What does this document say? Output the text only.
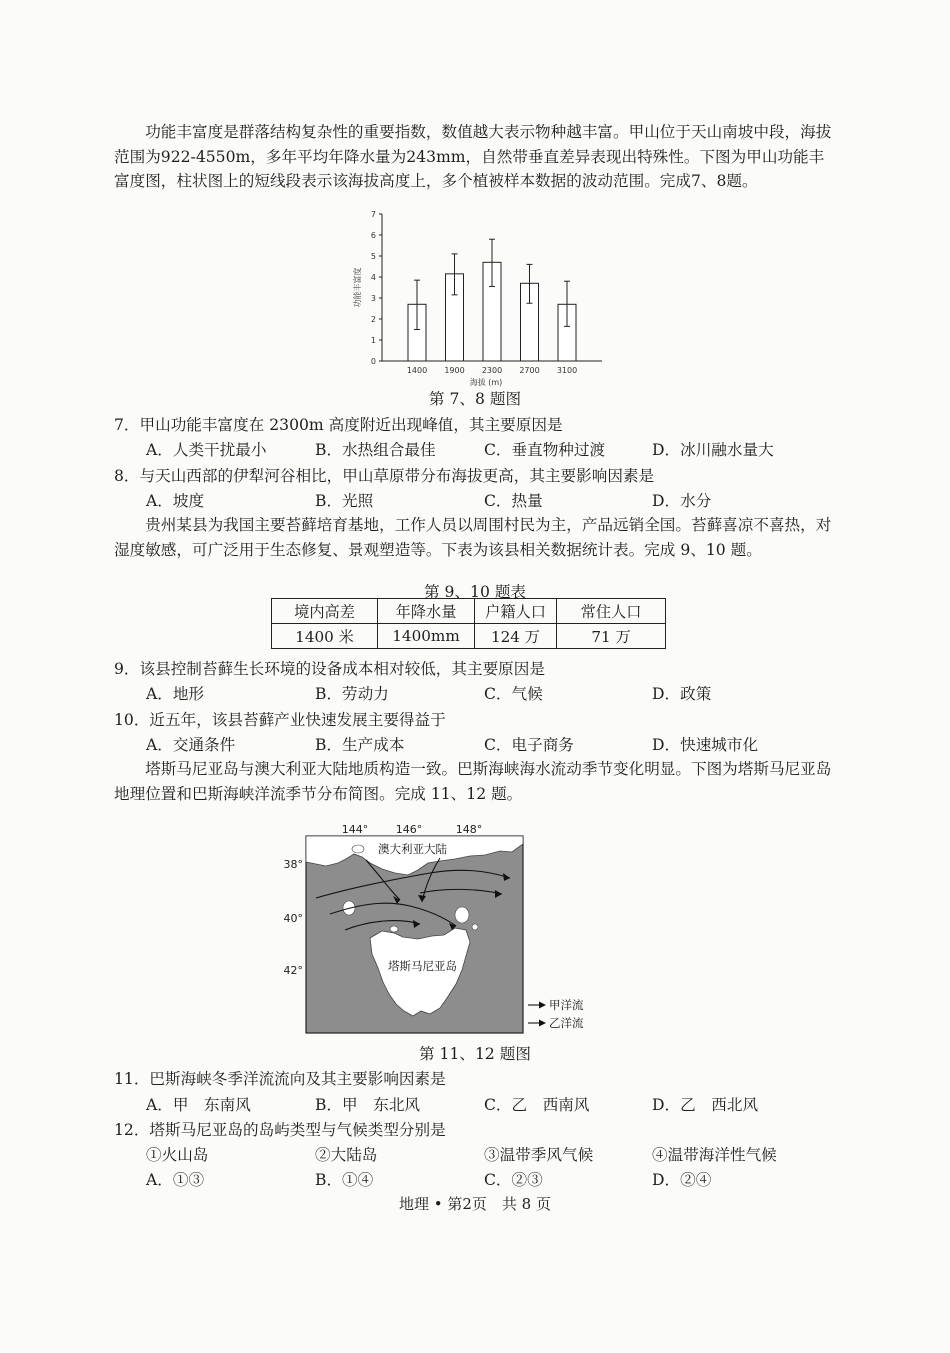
功能丰富度是群落结构复杂性的重要指数，数值越大表示物种越丰富。甲山位于天山南坡中段，海拔范围为922-4550m，多年平均年降水量为243mm，自然带垂直差异表现出特殊性。下图为甲山功能丰富度图，柱状图上的短线段表示该海拔高度上，多个植被样本数据的波动范围。完成7、8题。
0
1
2
3
4
5
6
7
1400 1900 2300 2700 3100
海拔 (m)
功能丰富度
第 7、8 题图
7．甲山功能丰富度在 2300m 高度附近出现峰值，其主要原因是
A．人类干扰最小	B．水热组合最佳	C．垂直物种过渡	D．冰川融水量大
8．与天山西部的伊犁河谷相比，甲山草原带分布海拔更高，其主要影响因素是
A．坡度	B．光照	C．热量	D．水分
贵州某县为我国主要苔藓培育基地，工作人员以周围村民为主，产品远销全国。苔藓喜凉不喜热，对湿度敏感，可广泛用于生态修复、景观塑造等。下表为该县相关数据统计表。完成 9、10 题。
第 9、10 题表
境内高差	年降水量	户籍人口	常住人口
1400 米	1400mm	124 万	71 万
9．该县控制苔藓生长环境的设备成本相对较低，其主要原因是
A．地形	B．劳动力	C．气候	D．政策
10．近五年，该县苔藓产业快速发展主要得益于
A．交通条件	B．生产成本	C．电子商务	D．快速城市化
塔斯马尼亚岛与澳大利亚大陆地质构造一致。巴斯海峡海水流动季节变化明显。下图为塔斯马尼亚岛地理位置和巴斯海峡洋流季节分布简图。完成 11、12 题。
144°	146°	148°
38°
40°
42°
澳大利亚大陆
塔斯马尼亚岛
甲洋流
乙洋流
第 11、12 题图
11．巴斯海峡冬季洋流流向及其主要影响因素是
A．甲　东南风	B．甲　东北风	C．乙　西南风	D．乙　西北风
12．塔斯马尼亚岛的岛屿类型与气候类型分别是
①火山岛	②大陆岛	③温带季风气候	④温带海洋性气候
A．①③	B．①④	C．②③	D．②④
地理 • 第2页　共 8 页
